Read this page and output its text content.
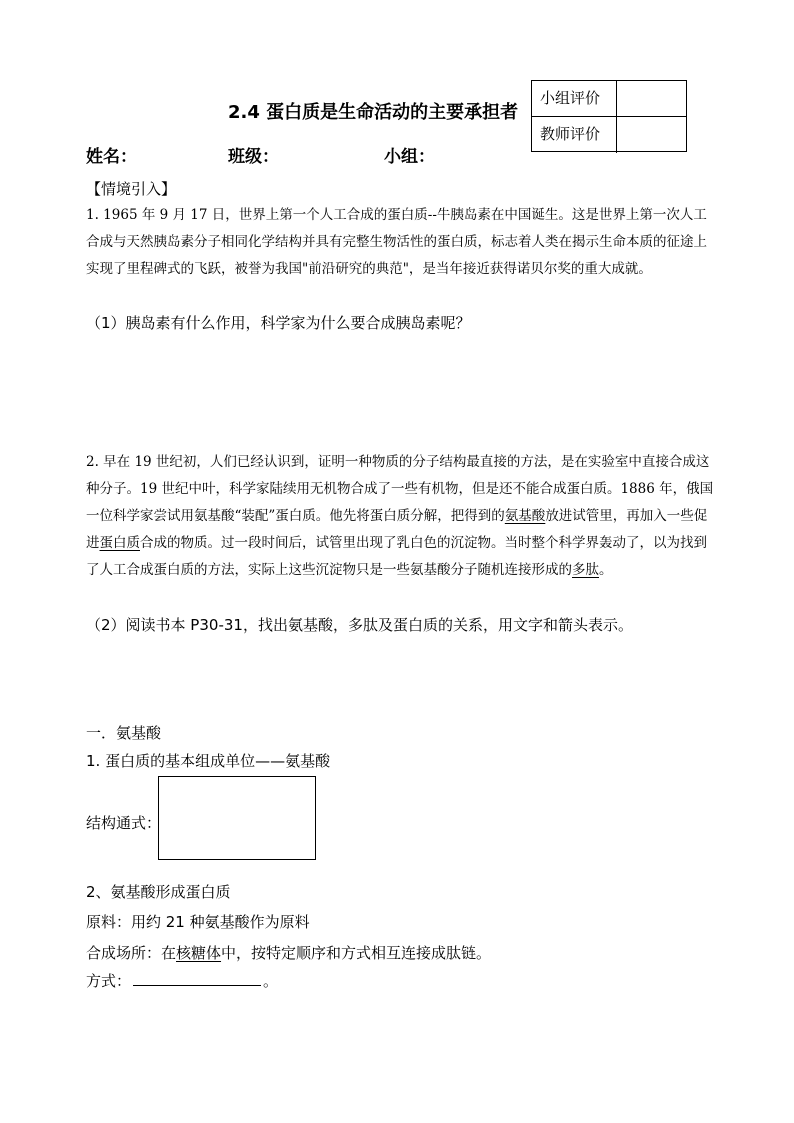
小组评价
教师评价
2.4 蛋白质是生命活动的主要承担者
姓名：	班级：	小组：
【情境引入】
1. 1965 年 9 月 17 日，世界上第一个人工合成的蛋白质--牛胰岛素在中国诞生。这是世界上第一次人工合成与天然胰岛素分子相同化学结构并具有完整生物活性的蛋白质，标志着人类在揭示生命本质的征途上实现了里程碑式的飞跃，被誉为我国"前沿研究的典范"，是当年接近获得诺贝尔奖的重大成就。
（1）胰岛素有什么作用，科学家为什么要合成胰岛素呢？
2. 早在 19 世纪初，人们已经认识到，证明一种物质的分子结构最直接的方法，是在实验室中直接合成这种分子。19 世纪中叶，科学家陆续用无机物合成了一些有机物，但是还不能合成蛋白质。1886 年，俄国一位科学家尝试用氨基酸“装配”蛋白质。他先将蛋白质分解，把得到的氨基酸放进试管里，再加入一些促进蛋白质合成的物质。过一段时间后，试管里出现了乳白色的沉淀物。当时整个科学界轰动了，以为找到了人工合成蛋白质的方法，实际上这些沉淀物只是一些氨基酸分子随机连接形成的多肽。
（2）阅读书本 P30-31，找出氨基酸，多肽及蛋白质的关系，用文字和箭头表示。
一．氨基酸
1. 蛋白质的基本组成单位——氨基酸
结构通式：
2、氨基酸形成蛋白质
原料：用约 21 种氨基酸作为原料
合成场所：在核糖体中，按特定顺序和方式相互连接成肽链。
方式：	。
